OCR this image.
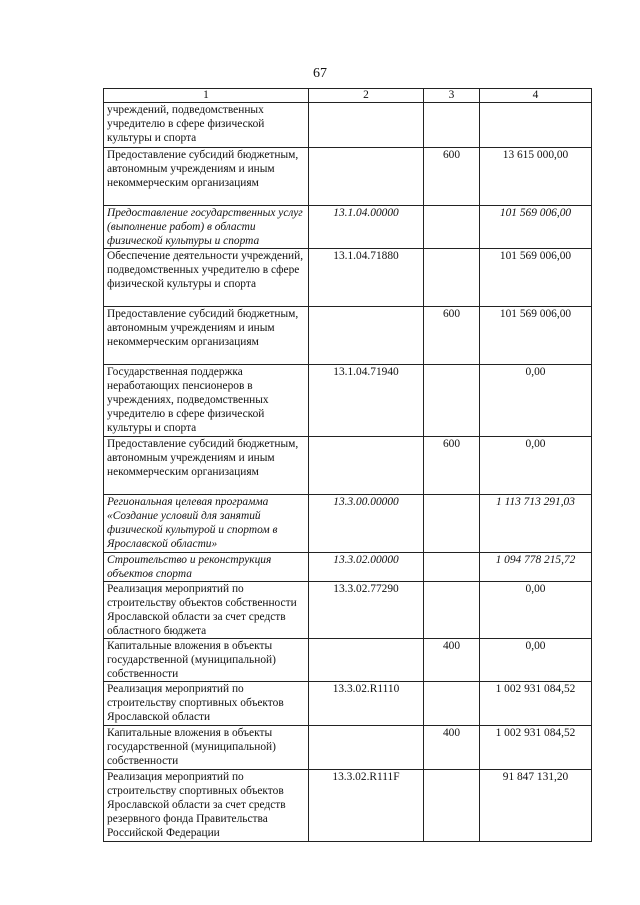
67
1	2	3	4
учреждений, подведомственных учредителю в сфере физической культуры и спорта			
Предоставление субсидий бюджетным, автономным учреждениям и иным некоммерческим организациям		600	13 615 000,00
Предоставление государственных услуг (выполнение работ) в области физической культуры и спорта	13.1.04.00000		101 569 006,00
Обеспечение деятельности учреждений, подведомственных учредителю в сфере физической культуры и спорта	13.1.04.71880		101 569 006,00
Предоставление субсидий бюджетным, автономным учреждениям и иным некоммерческим организациям		600	101 569 006,00
Государственная поддержка неработающих пенсионеров в учреждениях, подведомственных учредителю в сфере физической культуры и спорта	13.1.04.71940		0,00
Предоставление субсидий бюджетным, автономным учреждениям и иным некоммерческим организациям		600	0,00
Региональная целевая программа «Создание условий для занятий физической культурой и спортом в Ярославской области»	13.3.00.00000		1 113 713 291,03
Строительство и реконструкция объектов спорта	13.3.02.00000		1 094 778 215,72
Реализация мероприятий по строительству объектов собственности Ярославской области за счет средств областного бюджета	13.3.02.77290		0,00
Капитальные вложения в объекты государственной (муниципальной) собственности		400	0,00
Реализация мероприятий по строительству спортивных объектов Ярославской области	13.3.02.R1110		1 002 931 084,52
Капитальные вложения в объекты государственной (муниципальной) собственности		400	1 002 931 084,52
Реализация мероприятий по строительству спортивных объектов Ярославской области за счет средств резервного фонда Правительства Российской Федерации	13.3.02.R111F		91 847 131,20
